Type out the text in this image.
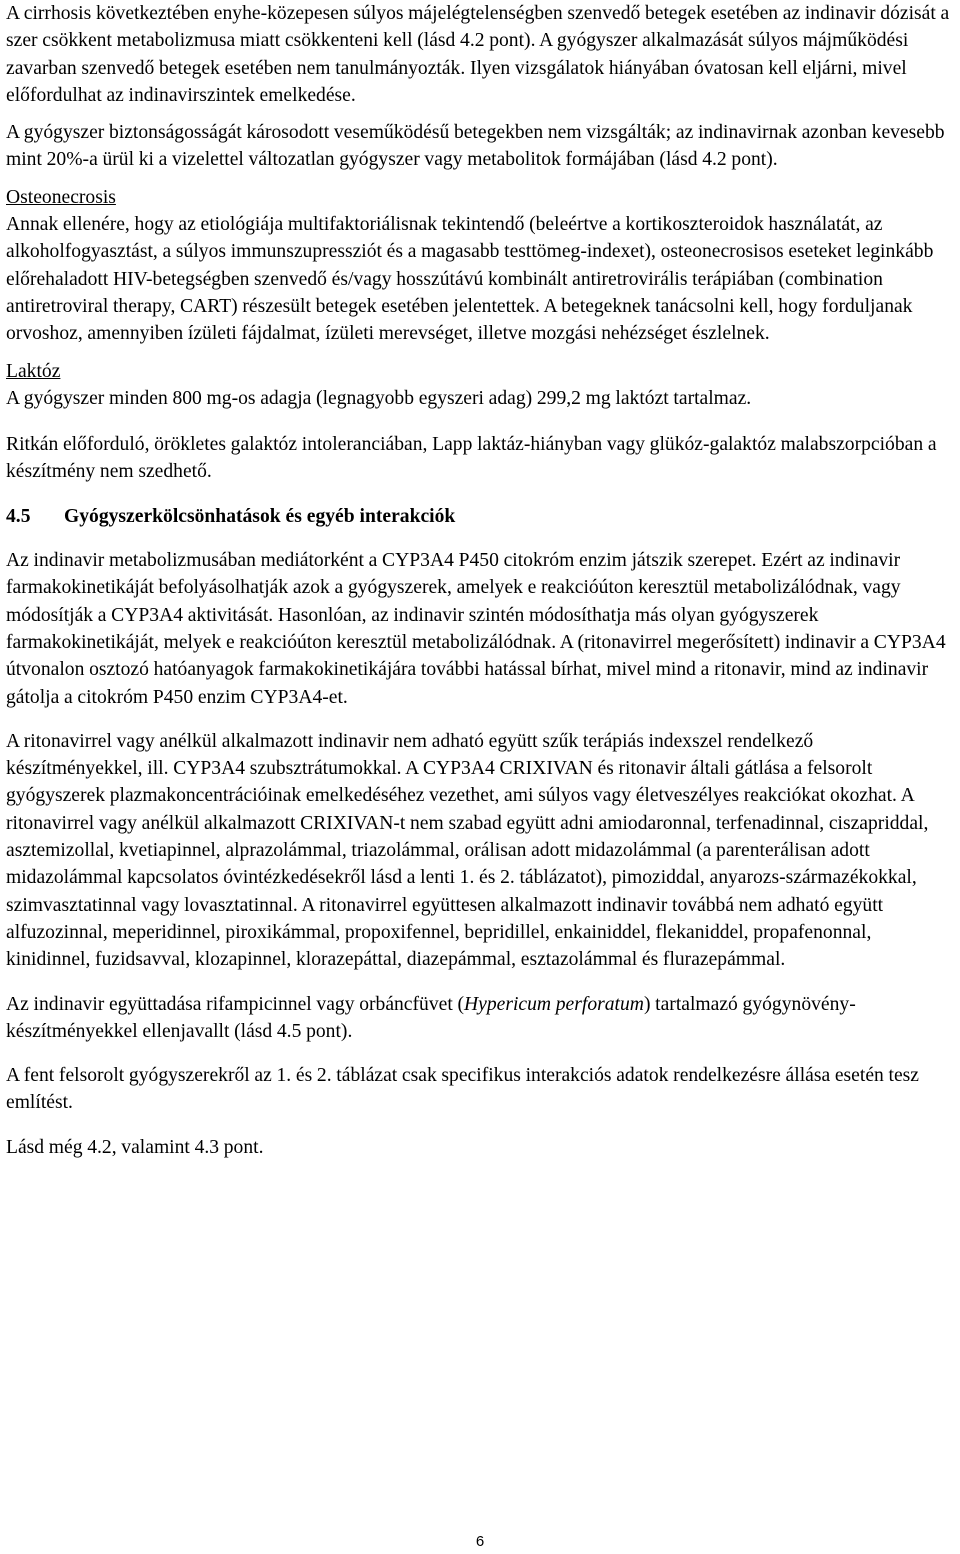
A cirrhosis következtében enyhe-közepesen súlyos májelégtelenségben szenvedő betegek esetében az indinavir dózisát a szer csökkent metabolizmusa miatt csökkenteni kell (lásd 4.2 pont). A gyógyszer alkalmazását súlyos májműködési zavarban szenvedő betegek esetében nem tanulmányozták. Ilyen vizsgálatok hiányában óvatosan kell eljárni, mivel előfordulhat az indinavirszintek emelkedése.

A gyógyszer biztonságosságát károsodott veseműködésű betegekben nem vizsgálták; az indinavirnak azonban kevesebb mint 20%-a ürül ki a vizelettel változatlan gyógyszer vagy metabolitok formájában (lásd 4.2 pont).

Osteonecrosis

Annak ellenére, hogy az etiológiája multifaktoriálisnak tekintendő (beleértve a kortikoszteroidok használatát, az alkoholfogyasztást, a súlyos immunszupressziót és a magasabb testtömeg-indexet), osteonecrosisos eseteket leginkább előrehaladott HIV-betegségben szenvedő és/vagy hosszútávú kombinált antiretrovirális terápiában (combination antiretroviral therapy, CART) részesült betegek esetében jelentettek. A betegeknek tanácsolni kell, hogy forduljanak orvoshoz, amennyiben ízületi fájdalmat, ízületi merevséget, illetve mozgási nehézséget észlelnek.

Laktóz

A gyógyszer minden 800 mg-os adagja (legnagyobb egyszeri adag) 299,2 mg laktózt tartalmaz.

Ritkán előforduló, örökletes galaktóz intoleranciában, Lapp laktáz-hiányban vagy glükóz-galaktóz malabszorpcióban a készítmény nem szedhető.

4.5	Gyógyszerkölcsönhatások és egyéb interakciók

Az indinavir metabolizmusában mediátorként a CYP3A4 P450 citokróm enzim játszik szerepet. Ezért az indinavir farmakokinetikáját befolyásolhatják azok a gyógyszerek, amelyek e reakcióúton keresztül metabolizálódnak, vagy módosítják a CYP3A4 aktivitását. Hasonlóan, az indinavir szintén módosíthatja más olyan gyógyszerek farmakokinetikáját, melyek e reakcióúton keresztül metabolizálódnak. A (ritonavirrel megerősített) indinavir a CYP3A4 útvonalon osztozó hatóanyagok farmakokinetikájára további hatással bírhat, mivel mind a ritonavir, mind az indinavir gátolja a citokróm P450 enzim CYP3A4-et.

A ritonavirrel vagy anélkül alkalmazott indinavir nem adható együtt szűk terápiás indexszel rendelkező készítményekkel, ill. CYP3A4 szubsztrátumokkal. A CYP3A4 CRIXIVAN és ritonavir általi gátlása a felsorolt gyógyszerek plazmakoncentrációinak emelkedéséhez vezethet, ami súlyos vagy életveszélyes reakciókat okozhat. A ritonavirrel vagy anélkül alkalmazott CRIXIVAN-t nem szabad együtt adni amiodaronnal, terfenadinnal, ciszapriddal, asztemizollal, kvetiapinnel, alprazolámmal, triazolámmal, orálisan adott midazolámmal (a parenterálisan adott midazolámmal kapcsolatos óvintézkedésekről lásd a lenti 1. és 2. táblázatot), pimoziddal, anyarozs-származékokkal, szimvasztatinnal vagy lovasztatinnal. A ritonavirrel együttesen alkalmazott indinavir továbbá nem adható együtt alfuzozinnal, meperidinnel, piroxikámmal, propoxifennel, bepridillel, enkainiddel, flekaniddel, propafenonnal, kinidinnel, fuzidsavval, klozapinnel, klorazepáttal, diazepámmal, esztazolámmal és flurazepámmal.

Az indinavir együttadása rifampicinnel vagy orbáncfüvet (Hypericum perforatum) tartalmazó gyógynövény-készítményekkel ellenjavallt (lásd 4.5 pont).

A fent felsorolt gyógyszerekről az 1. és 2. táblázat csak specifikus interakciós adatok rendelkezésre állása esetén tesz említést.

Lásd még 4.2, valamint 4.3 pont.

6
